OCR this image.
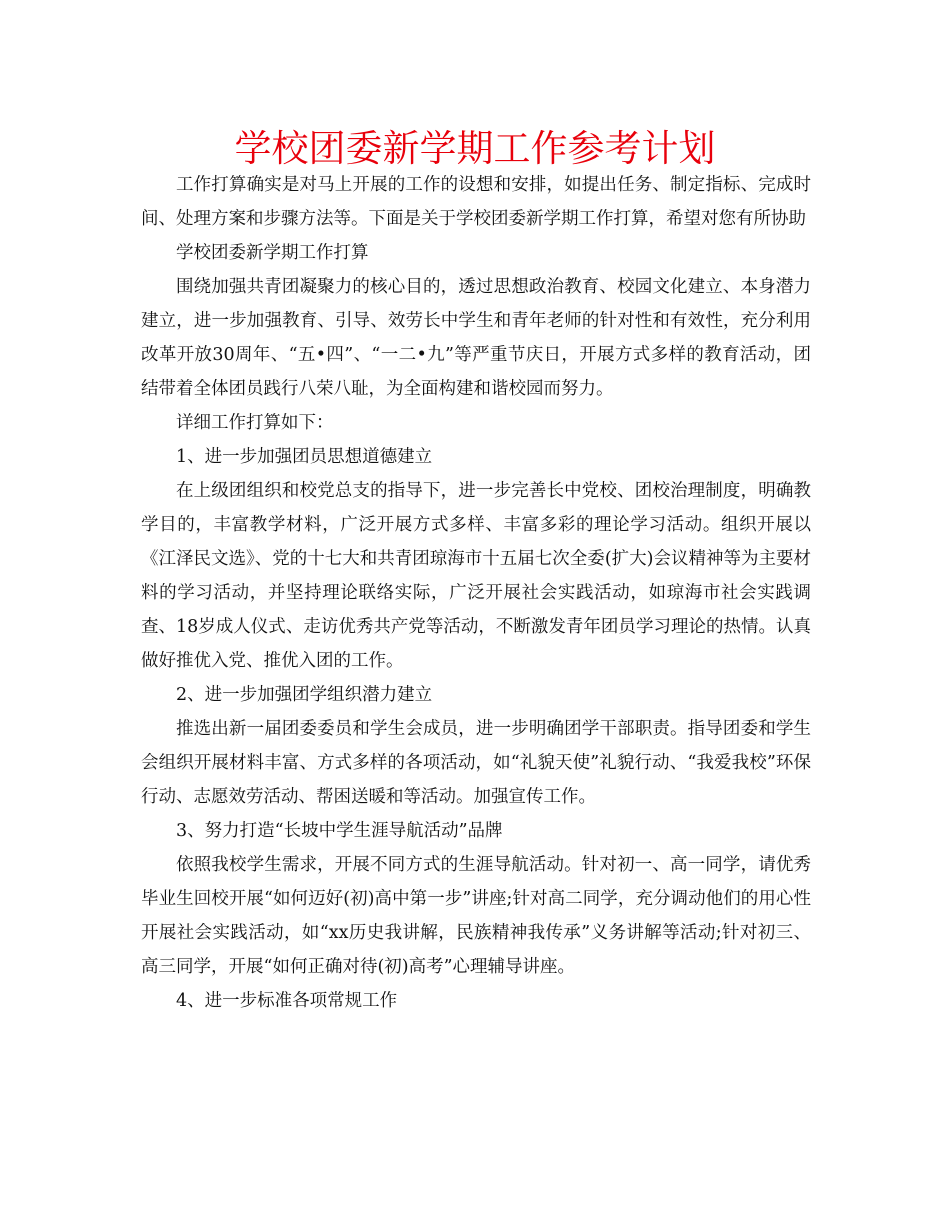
学校团委新学期工作参考计划

工作打算确实是对马上开展的工作的设想和安排，如提出任务、制定指标、完成时间、处理方案和步骤方法等。下面是关于学校团委新学期工作打算，希望对您有所协助

学校团委新学期工作打算

围绕加强共青团凝聚力的核心目的，透过思想政治教育、校园文化建立、本身潜力建立，进一步加强教育、引导、效劳长中学生和青年老师的针对性和有效性，充分利用改革开放30周年、“五•四”、“一二•九”等严重节庆日，开展方式多样的教育活动，团结带着全体团员践行八荣八耻，为全面构建和谐校园而努力。

详细工作打算如下：

1、进一步加强团员思想道德建立

在上级团组织和校党总支的指导下，进一步完善长中党校、团校治理制度，明确教学目的，丰富教学材料，广泛开展方式多样、丰富多彩的理论学习活动。组织开展以《江泽民文选》、党的十七大和共青团琼海市十五届七次全委(扩大)会议精神等为主要材料的学习活动，并坚持理论联络实际，广泛开展社会实践活动，如琼海市社会实践调查、18岁成人仪式、走访优秀共产党等活动，不断激发青年团员学习理论的热情。认真做好推优入党、推优入团的工作。

2、进一步加强团学组织潜力建立

推选出新一届团委委员和学生会成员，进一步明确团学干部职责。指导团委和学生会组织开展材料丰富、方式多样的各项活动，如“礼貌天使”礼貌行动、“我爱我校”环保行动、志愿效劳活动、帮困送暖和等活动。加强宣传工作。

3、努力打造“长坡中学生涯导航活动”品牌

依照我校学生需求，开展不同方式的生涯导航活动。针对初一、高一同学，请优秀毕业生回校开展“如何迈好(初)高中第一步”讲座;针对高二同学，充分调动他们的用心性开展社会实践活动，如“xx历史我讲解，民族精神我传承”义务讲解等活动;针对初三、高三同学，开展“如何正确对待(初)高考”心理辅导讲座。

4、进一步标准各项常规工作
